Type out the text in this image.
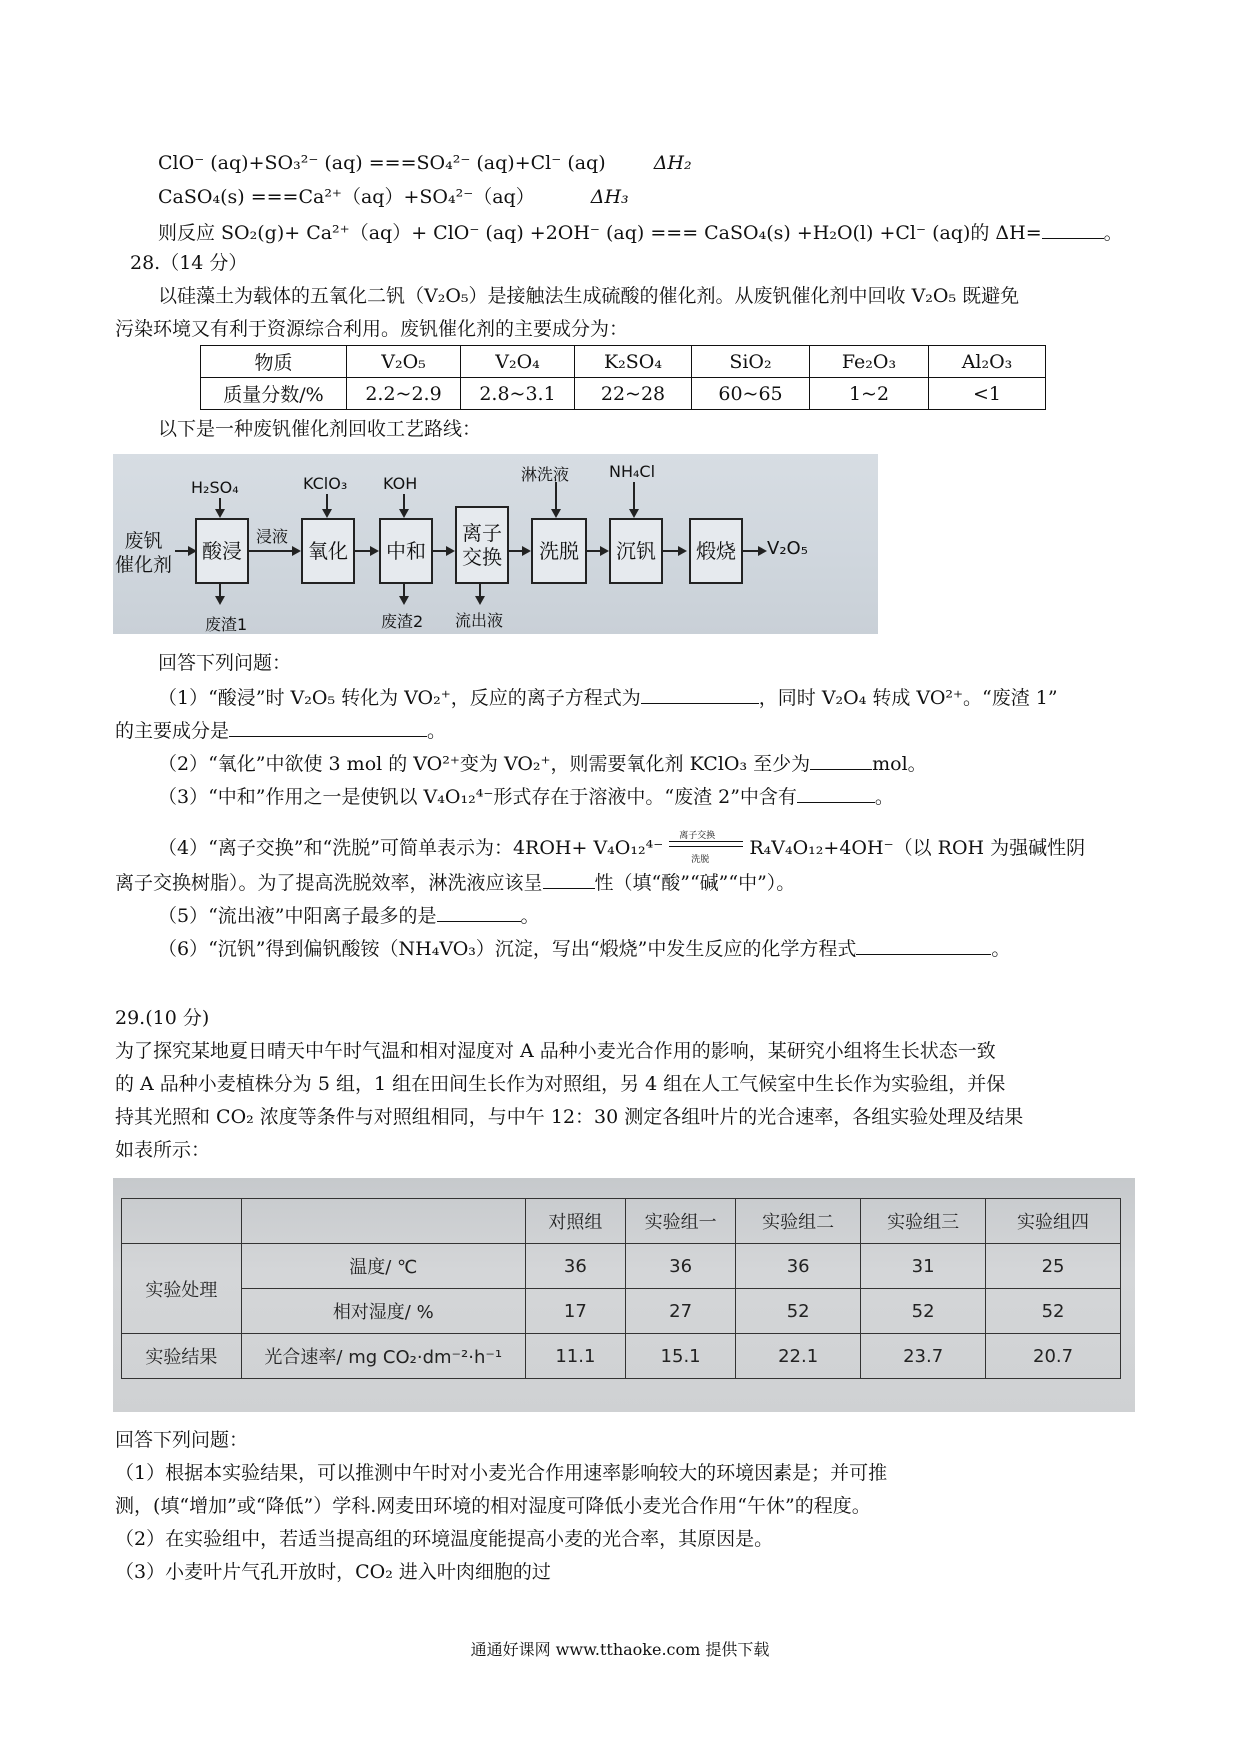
ClO⁻ (aq)+SO₃²⁻ (aq) ===SO₄²⁻ (aq)+Cl⁻ (aq)	ΔH₂
CaSO₄(s) ===Ca²⁺（aq）+SO₄²⁻（aq）	ΔH₃
则反应 SO₂(g)+ Ca²⁺（aq）+ ClO⁻ (aq) +2OH⁻ (aq) === CaSO₄(s) +H₂O(l) +Cl⁻ (aq)的 ΔH=	。
28.（14 分）
以硅藻土为载体的五氧化二钒（V₂O₅）是接触法生成硫酸的催化剂。从废钒催化剂中回收 V₂O₅ 既避免
污染环境又有利于资源综合利用。废钒催化剂的主要成分为：
物质	V₂O₅	V₂O₄	K₂SO₄	SiO₂	Fe₂O₃	Al₂O₃
质量分数/%	2.2~2.9	2.8~3.1	22~28	60~65	1~2	<1
以下是一种废钒催化剂回收工艺路线：
废钒
催化剂
酸浸
H₂SO₄
废渣1
浸液
氧化
KClO₃
中和
KOH
废渣2
离子
交换
流出液
洗脱
淋洗液
沉钒
NH₄Cl
煅烧	V₂O₅
回答下列问题：
（1）“酸浸”时 V₂O₅ 转化为 VO₂⁺，反应的离子方程式为	，同时 V₂O₄ 转成 VO²⁺。“废渣 1”
的主要成分是	。
（2）“氧化”中欲使 3 mol 的 VO²⁺变为 VO₂⁺，则需要氧化剂 KClO₃ 至少为	mol。
（3）“中和”作用之一是使钒以 V₄O₁₂⁴⁻形式存在于溶液中。“废渣 2”中含有	。
（4）“离子交换”和“洗脱”可简单表示为：4ROH+ V₄O₁₂⁴⁻
离子交换
洗脱
R₄V₄O₁₂+4OH⁻（以 ROH 为强碱性阴
离子交换树脂）。为了提高洗脱效率，淋洗液应该呈	性（填“酸”“碱”“中”）。
（5）“流出液”中阳离子最多的是	。
（6）“沉钒”得到偏钒酸铵（NH₄VO₃）沉淀，写出“煅烧”中发生反应的化学方程式	。
29.(10 分)
为了探究某地夏日晴天中午时气温和相对湿度对 A 品种小麦光合作用的影响，某研究小组将生长状态一致
的 A 品种小麦植株分为 5 组，1 组在田间生长作为对照组，另 4 组在人工气候室中生长作为实验组，并保
持其光照和 CO₂ 浓度等条件与对照组相同，与中午 12：30 测定各组叶片的光合速率，各组实验处理及结果
如表所示：
		对照组	实验组一	实验组二	实验组三	实验组四
实验处理	温度/ ℃	36	36	36	31	25
	相对湿度/ %	17	27	52	52	52
实验结果	光合速率/ mg CO₂·dm⁻²·h⁻¹	11.1	15.1	22.1	23.7	20.7
回答下列问题：
（1）根据本实验结果，可以推测中午时对小麦光合作用速率影响较大的环境因素是；并可推
测，(填“增加”或“降低”）学科.网麦田环境的相对湿度可降低小麦光合作用“午休”的程度。
（2）在实验组中，若适当提高组的环境温度能提高小麦的光合率，其原因是。
（3）小麦叶片气孔开放时，CO₂ 进入叶肉细胞的过
通通好课网 www.tthaoke.com 提供下载
